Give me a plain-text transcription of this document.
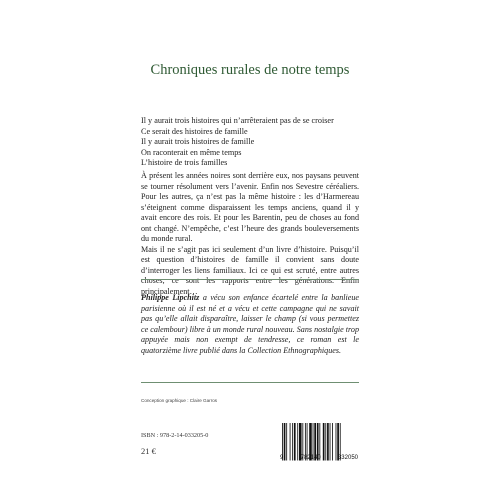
Chroniques rurales de notre temps
Il y aurait trois histoires qui n’arrêteraient pas de se croiser
Ce serait des histoires de famille
Il y aurait trois histoires de famille
On raconterait en même temps
L’histoire de trois familles

À présent les années noires sont derrière eux, nos paysans peuvent se tourner résolument vers l’avenir. Enfin nos Sevestre céréaliers. Pour les autres, ça n’est pas la même histoire : les d’Harmereau s’éteignent comme disparaissent les temps anciens, quand il y avait encore des rois. Et pour les Barentin, peu de choses au fond ont changé. N’empêche, c’est l’heure des grands bouleversements du monde rural.

Mais il ne s’agit pas ici seulement d’un livre d’histoire. Puisqu’il est question d’histoires de famille il convient sans doute d’interroger les liens familiaux. Ici ce qui est scruté, entre autres choses, ce sont les rapports entre les générations. Enfin principalement…

Philippe Lipchitz a vécu son enfance écartelé entre la banlieue parisienne où il est né et a vécu et cette campagne qui ne savait pas qu’elle allait disparaître, laisser le champ (si vous permettez ce calembour) libre à un monde rural nouveau. Sans nostalgie trop appuyée mais non exempt de tendresse, ce roman est le quatorzième livre publié dans la Collection Ethnographiques.
Conception graphique : Claire Garros
ISBN : 978-2-14-033205-0
21 €
9	782140	332050
